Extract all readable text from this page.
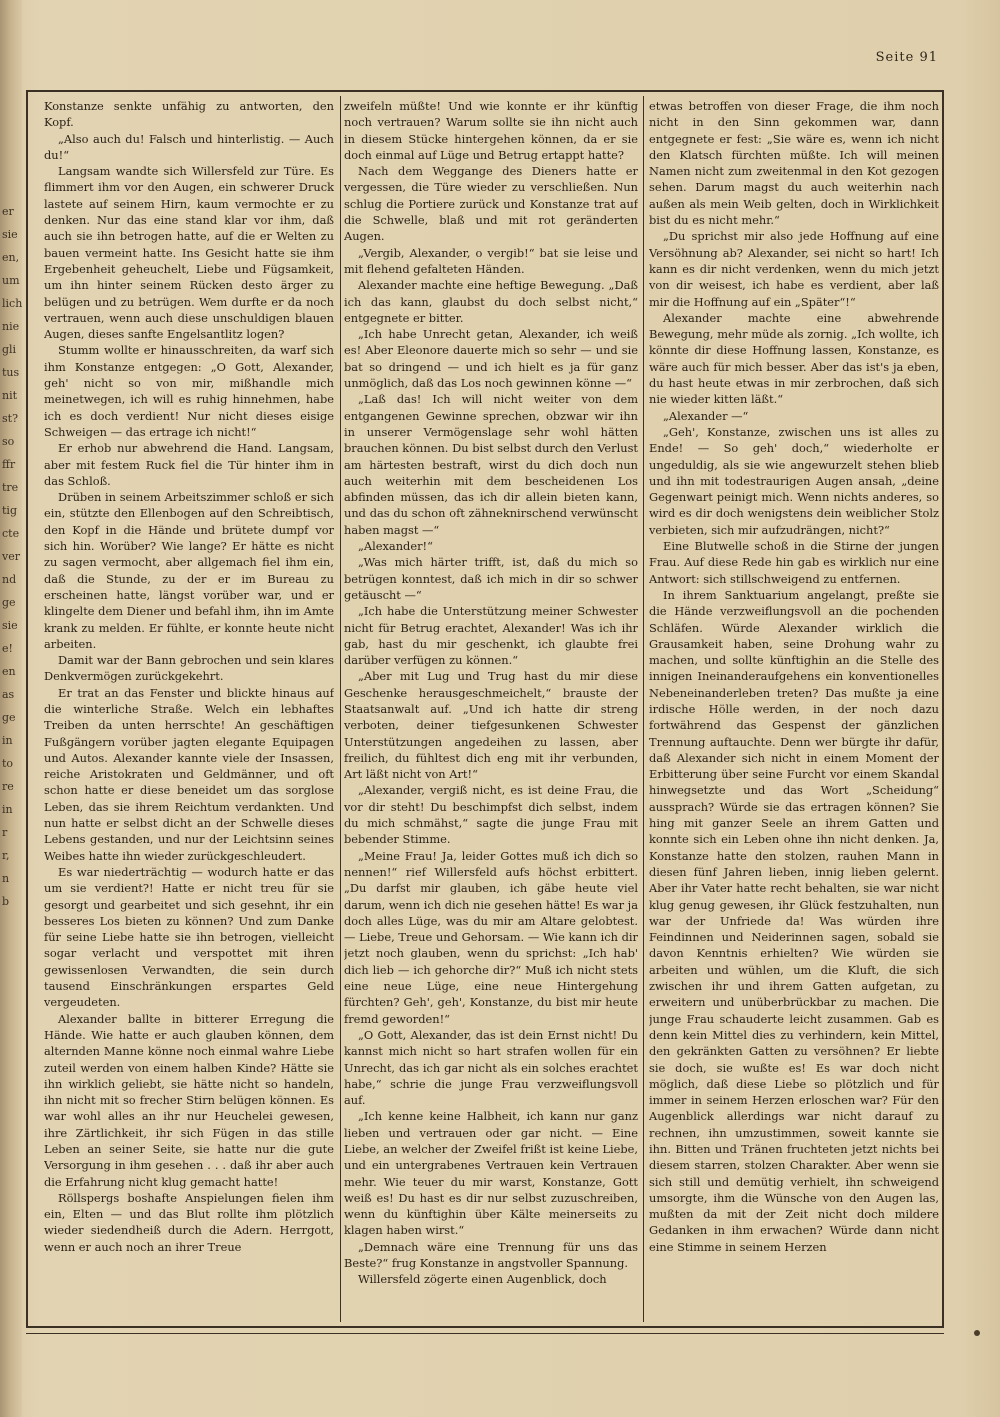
er
sie
en,
um
lich
nie
gli
tus
nit
st?
so
ffr
tre
tig
cte
ver
nd
ge
sie
e!
en
as
ge
in
to
re
in
r
r,
n
b
Seite 91

Konstanze senkte unfähig zu antworten, den Kopf.

„Also auch du! Falsch und hinterlistig. — Auch du!“

Langsam wandte sich Willersfeld zur Türe. Es flimmert ihm vor den Augen, ein schwerer Druck lastete auf seinem Hirn, kaum vermochte er zu denken. Nur das eine stand klar vor ihm, daß auch sie ihn betrogen hatte, auf die er Welten zu bauen vermeint hatte. Ins Gesicht hatte sie ihm Ergebenheit geheuchelt, Liebe und Fügsamkeit, um ihn hinter seinem Rücken desto ärger zu belügen und zu betrügen. Wem durfte er da noch vertrauen, wenn auch diese unschuldigen blauen Augen, dieses sanfte Engelsantlitz logen?

Stumm wollte er hinausschreiten, da warf sich ihm Konstanze entgegen: „O Gott, Alexander, geh' nicht so von mir, mißhandle mich meinetwegen, ich will es ruhig hinnehmen, habe ich es doch verdient! Nur nicht dieses eisige Schweigen — das ertrage ich nicht!“

Er erhob nur abwehrend die Hand. Langsam, aber mit festem Ruck fiel die Tür hinter ihm in das Schloß.

Drüben in seinem Arbeitszimmer schloß er sich ein, stützte den Ellenbogen auf den Schreibtisch, den Kopf in die Hände und brütete dumpf vor sich hin. Worüber? Wie lange? Er hätte es nicht zu sagen vermocht, aber allgemach fiel ihm ein, daß die Stunde, zu der er im Bureau zu erscheinen hatte, längst vorüber war, und er klingelte dem Diener und befahl ihm, ihn im Amte krank zu melden. Er fühlte, er konnte heute nicht arbeiten.

Damit war der Bann gebrochen und sein klares Denkvermögen zurückgekehrt.

Er trat an das Fenster und blickte hinaus auf die winterliche Straße. Welch ein lebhaftes Treiben da unten herrschte! An geschäftigen Fußgängern vorüber jagten elegante Equipagen und Autos. Alexander kannte viele der Insassen, reiche Aristokraten und Geldmänner, und oft schon hatte er diese beneidet um das sorglose Leben, das sie ihrem Reichtum verdankten. Und nun hatte er selbst dicht an der Schwelle dieses Lebens gestanden, und nur der Leichtsinn seines Weibes hatte ihn wieder zurückgeschleudert.

Es war niederträchtig — wodurch hatte er das um sie verdient?! Hatte er nicht treu für sie gesorgt und gearbeitet und sich gesehnt, ihr ein besseres Los bieten zu können? Und zum Danke für seine Liebe hatte sie ihn betrogen, vielleicht sogar verlacht und verspottet mit ihren gewissenlosen Verwandten, die sein durch tausend Einschränkungen erspartes Geld vergeudeten.

Alexander ballte in bitterer Erregung die Hände. Wie hatte er auch glauben können, dem alternden Manne könne noch einmal wahre Liebe zuteil werden von einem halben Kinde? Hätte sie ihn wirklich geliebt, sie hätte nicht so handeln, ihn nicht mit so frecher Stirn belügen können. Es war wohl alles an ihr nur Heuchelei gewesen, ihre Zärtlichkeit, ihr sich Fügen in das stille Leben an seiner Seite, sie hatte nur die gute Versorgung in ihm gesehen . . . daß ihr aber auch die Erfahrung nicht klug gemacht hatte!

Röllspergs boshafte Anspielungen fielen ihm ein, Elten — und das Blut rollte ihm plötzlich wieder siedendheiß durch die Adern. Herrgott, wenn er auch noch an ihrer Treue

zweifeln müßte! Und wie konnte er ihr künftig noch vertrauen? Warum sollte sie ihn nicht auch in diesem Stücke hintergehen können, da er sie doch einmal auf Lüge und Betrug ertappt hatte?

Nach dem Weggange des Dieners hatte er vergessen, die Türe wieder zu verschließen. Nun schlug die Portiere zurück und Konstanze trat auf die Schwelle, blaß und mit rot geränderten Augen.

„Vergib, Alexander, o vergib!“ bat sie leise und mit flehend gefalteten Händen.

Alexander machte eine heftige Bewegung. „Daß ich das kann, glaubst du doch selbst nicht,“ entgegnete er bitter.

„Ich habe Unrecht getan, Alexander, ich weiß es! Aber Eleonore dauerte mich so sehr — und sie bat so dringend — und ich hielt es ja für ganz unmöglich, daß das Los noch gewinnen könne —“

„Laß das! Ich will nicht weiter von dem entgangenen Gewinne sprechen, obzwar wir ihn in unserer Vermögenslage sehr wohl hätten brauchen können. Du bist selbst durch den Verlust am härtesten bestraft, wirst du dich doch nun auch weiterhin mit dem bescheidenen Los abfinden müssen, das ich dir allein bieten kann, und das du schon oft zähneknirschend verwünscht haben magst —“

„Alexander!“

„Was mich härter trifft, ist, daß du mich so betrügen konntest, daß ich mich in dir so schwer getäuscht —“

„Ich habe die Unterstützung meiner Schwester nicht für Betrug erachtet, Alexander! Was ich ihr gab, hast du mir geschenkt, ich glaubte frei darüber verfügen zu können.“

„Aber mit Lug und Trug hast du mir diese Geschenke herausgeschmeichelt,“ brauste der Staatsanwalt auf. „Und ich hatte dir streng verboten, deiner tiefgesunkenen Schwester Unterstützungen angedeihen zu lassen, aber freilich, du fühltest dich eng mit ihr verbunden, Art läßt nicht von Art!“

„Alexander, vergiß nicht, es ist deine Frau, die vor dir steht! Du beschimpfst dich selbst, indem du mich schmähst,“ sagte die junge Frau mit bebender Stimme.

„Meine Frau! Ja, leider Gottes muß ich dich so nennen!“ rief Willersfeld aufs höchst erbittert. „Du darfst mir glauben, ich gäbe heute viel darum, wenn ich dich nie gesehen hätte! Es war ja doch alles Lüge, was du mir am Altare gelobtest. — Liebe, Treue und Gehorsam. — Wie kann ich dir jetzt noch glauben, wenn du sprichst: „Ich hab' dich lieb — ich gehorche dir?“ Muß ich nicht stets eine neue Lüge, eine neue Hintergehung fürchten? Geh', geh', Konstanze, du bist mir heute fremd geworden!“

„O Gott, Alexander, das ist dein Ernst nicht! Du kannst mich nicht so hart strafen wollen für ein Unrecht, das ich gar nicht als ein solches erachtet habe,“ schrie die junge Frau verzweiflungsvoll auf.

„Ich kenne keine Halbheit, ich kann nur ganz lieben und vertrauen oder gar nicht. — Eine Liebe, an welcher der Zweifel frißt ist keine Liebe, und ein untergrabenes Vertrauen kein Vertrauen mehr. Wie teuer du mir warst, Konstanze, Gott weiß es! Du hast es dir nur selbst zuzuschreiben, wenn du künftighin über Kälte meinerseits zu klagen haben wirst.“

„Demnach wäre eine Trennung für uns das Beste?“ frug Konstanze in angstvoller Spannung.

Willersfeld zögerte einen Augenblick, doch

etwas betroffen von dieser Frage, die ihm noch nicht in den Sinn gekommen war, dann entgegnete er fest: „Sie wäre es, wenn ich nicht den Klatsch fürchten müßte. Ich will meinen Namen nicht zum zweitenmal in den Kot gezogen sehen. Darum magst du auch weiterhin nach außen als mein Weib gelten, doch in Wirklichkeit bist du es nicht mehr.“

„Du sprichst mir also jede Hoffnung auf eine Versöhnung ab? Alexander, sei nicht so hart! Ich kann es dir nicht verdenken, wenn du mich jetzt von dir weisest, ich habe es verdient, aber laß mir die Hoffnung auf ein „Später“!“

Alexander machte eine abwehrende Bewegung, mehr müde als zornig. „Ich wollte, ich könnte dir diese Hoffnung lassen, Konstanze, es wäre auch für mich besser. Aber das ist's ja eben, du hast heute etwas in mir zerbrochen, daß sich nie wieder kitten läßt.“

„Alexander —“

„Geh', Konstanze, zwischen uns ist alles zu Ende! — So geh' doch,“ wiederholte er ungeduldig, als sie wie angewurzelt stehen blieb und ihn mit todestraurigen Augen ansah, „deine Gegenwart peinigt mich. Wenn nichts anderes, so wird es dir doch wenigstens dein weiblicher Stolz verbieten, sich mir aufzudrängen, nicht?“

Eine Blutwelle schoß in die Stirne der jungen Frau. Auf diese Rede hin gab es wirklich nur eine Antwort: sich stillschweigend zu entfernen.

In ihrem Sanktuarium angelangt, preßte sie die Hände verzweiflungsvoll an die pochenden Schläfen. Würde Alexander wirklich die Grausamkeit haben, seine Drohung wahr zu machen, und sollte künftighin an die Stelle des innigen Ineinanderaufgehens ein konventionelles Nebeneinanderleben treten? Das mußte ja eine irdische Hölle werden, in der noch dazu fortwährend das Gespenst der gänzlichen Trennung auftauchte. Denn wer bürgte ihr dafür, daß Alexander sich nicht in einem Moment der Erbitterung über seine Furcht vor einem Skandal hinwegsetzte und das Wort „Scheidung“ aussprach? Würde sie das ertragen können? Sie hing mit ganzer Seele an ihrem Gatten und konnte sich ein Leben ohne ihn nicht denken. Ja, Konstanze hatte den stolzen, rauhen Mann in diesen fünf Jahren lieben, innig lieben gelernt. Aber ihr Vater hatte recht behalten, sie war nicht klug genug gewesen, ihr Glück festzuhalten, nun war der Unfriede da! Was würden ihre Feindinnen und Neiderinnen sagen, sobald sie davon Kenntnis erhielten? Wie würden sie arbeiten und wühlen, um die Kluft, die sich zwischen ihr und ihrem Gatten aufgetan, zu erweitern und unüberbrückbar zu machen. Die junge Frau schauderte leicht zusammen. Gab es denn kein Mittel dies zu verhindern, kein Mittel, den gekränkten Gatten zu versöhnen? Er liebte sie doch, sie wußte es! Es war doch nicht möglich, daß diese Liebe so plötzlich und für immer in seinem Herzen erloschen war? Für den Augenblick allerdings war nicht darauf zu rechnen, ihn umzustimmen, soweit kannte sie ihn. Bitten und Tränen fruchteten jetzt nichts bei diesem starren, stolzen Charakter. Aber wenn sie sich still und demütig verhielt, ihn schweigend umsorgte, ihm die Wünsche von den Augen las, mußten da mit der Zeit nicht doch mildere Gedanken in ihm erwachen? Würde dann nicht eine Stimme in seinem Herzen
